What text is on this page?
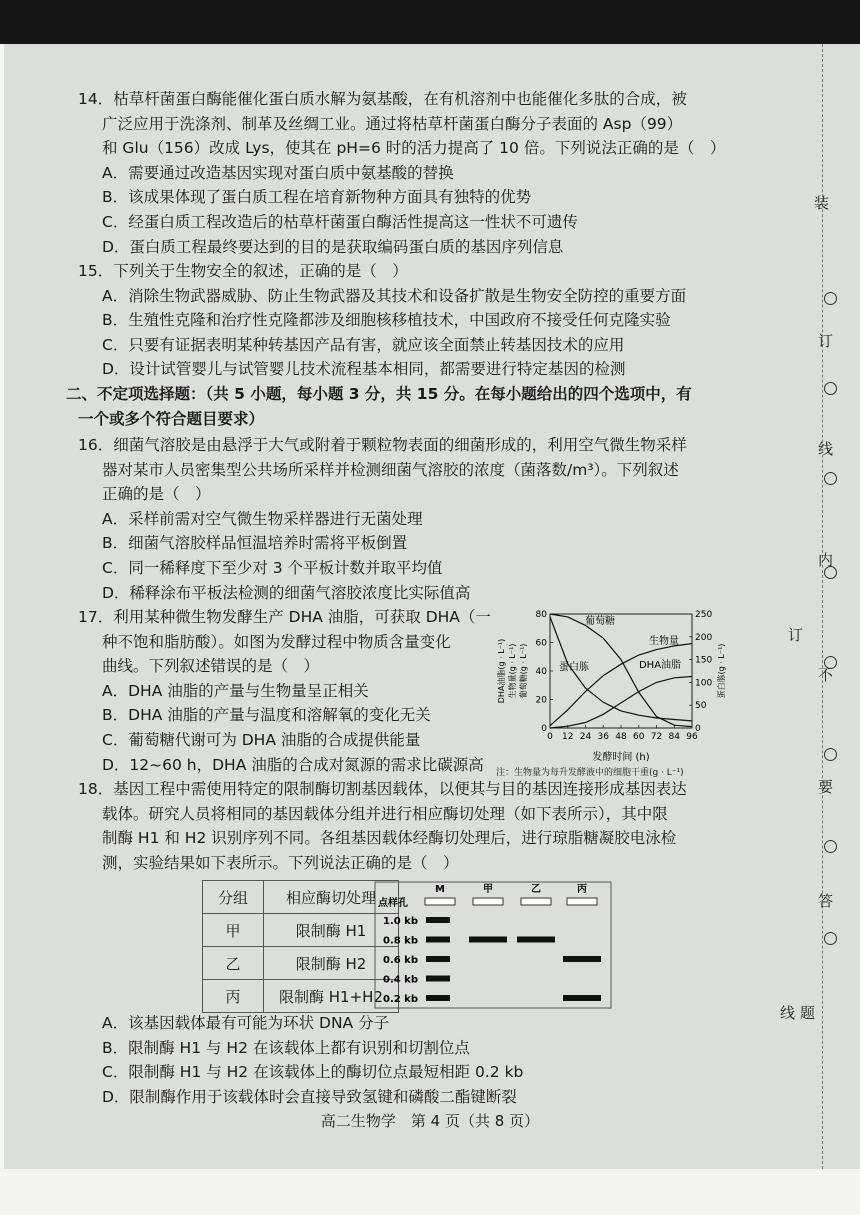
14．枯草杆菌蛋白酶能催化蛋白质水解为氨基酸，在有机溶剂中也能催化多肽的合成，被
广泛应用于洗涤剂、制革及丝绸工业。通过将枯草杆菌蛋白酶分子表面的 Asp（99）
和 Glu（156）改成 Lys，使其在 pH=6 时的活力提高了 10 倍。下列说法正确的是（　）
A．需要通过改造基因实现对蛋白质中氨基酸的替换
B．该成果体现了蛋白质工程在培育新物种方面具有独特的优势
C．经蛋白质工程改造后的枯草杆菌蛋白酶活性提高这一性状不可遗传
D．蛋白质工程最终要达到的目的是获取编码蛋白质的基因序列信息
15．下列关于生物安全的叙述，正确的是（　）
A．消除生物武器威胁、防止生物武器及其技术和设备扩散是生物安全防控的重要方面
B．生殖性克隆和治疗性克隆都涉及细胞核移植技术，中国政府不接受任何克隆实验
C．只要有证据表明某种转基因产品有害，就应该全面禁止转基因技术的应用
D．设计试管婴儿与试管婴儿技术流程基本相同，都需要进行特定基因的检测
二、不定项选择题：（共 5 小题，每小题 3 分，共 15 分。在每小题给出的四个选项中，有
一个或多个符合题目要求）
16．细菌气溶胶是由悬浮于大气或附着于颗粒物表面的细菌形成的，利用空气微生物采样
器对某市人员密集型公共场所采样并检测细菌气溶胶的浓度（菌落数/m³）。下列叙述
正确的是（　）
A．采样前需对空气微生物采样器进行无菌处理
B．细菌气溶胶样品恒温培养时需将平板倒置
C．同一稀释度下至少对 3 个平板计数并取平均值
D．稀释涂布平板法检测的细菌气溶胶浓度比实际值高
17．利用某种微生物发酵生产 DHA 油脂，可获取 DHA（一
种不饱和脂肪酸）。如图为发酵过程中物质含量变化
曲线。下列叙述错误的是（　）
A．DHA 油脂的产量与生物量呈正相关
B．DHA 油脂的产量与温度和溶解氧的变化无关
C．葡萄糖代谢可为 DHA 油脂的合成提供能量
D．12~60 h，DHA 油脂的合成对氮源的需求比碳源高
0 12 24 36 48 60 72 84 96
0
20
40
60
80
0
50
100
150
200
250
葡萄糖
生物量
蛋白胨	DHA油脂
发酵时间 (h)
DHA油脂(g · L⁻¹) 生物量(g · L⁻¹) 葡萄糖(g · L⁻¹)	蛋白胨(g · L⁻¹)
注：生物量为每升发酵液中的细胞干重(g · L⁻¹)
18．基因工程中需使用特定的限制酶切割基因载体，以便其与目的基因连接形成基因表达
载体。研究人员将相同的基因载体分组并进行相应酶切处理（如下表所示），其中限
制酶 H1 和 H2 识别序列不同。各组基因载体经酶切处理后，进行琼脂糖凝胶电泳检
测，实验结果如下表所示。下列说法正确的是（　）
分组	相应酶切处理
甲	限制酶 H1
乙	限制酶 H2
丙	限制酶 H1+H2
点样孔
M	甲	乙	丙
1.0 kb
0.8 kb
0.6 kb
0.4 kb
0.2 kb
A．该基因载体最有可能为环状 DNA 分子
B．限制酶 H1 与 H2 在该载体上都有识别和切割位点
C．限制酶 H1 与 H2 在该载体上的酶切位点最短相距 0.2 kb
D．限制酶作用于该载体时会直接导致氢键和磷酸二酯键断裂
高二生物学　第 4 页（共 8 页）
装
订
线
内
订
不
要
答
线 题
